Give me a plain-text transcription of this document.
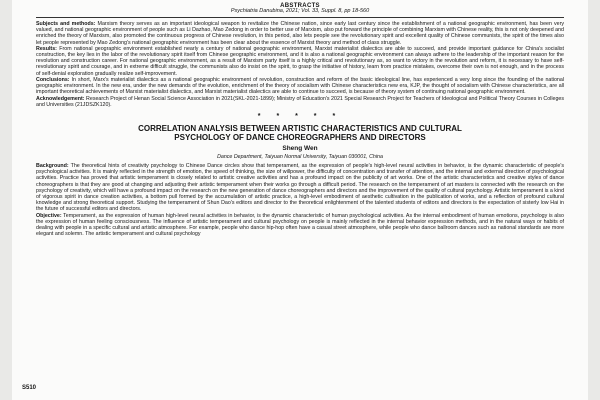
ABSTRACTS
Psychiatria Danubina, 2021; Vol. 33, Suppl. 8, pp 18-560

Subjects and methods: Marxism theory serves as an important ideological weapon to revitalize the Chinese nation, since early last century since the establishment of a national geographic environment, has been very valued, and national geographic environment of people such as Li Dazhao, Mao Zedong in order to better use of Marxism, also put forward the principle of combining Marxism with Chinese reality, this is not only deepened and enriched the theory of Marxism, also promoted the continuous progress of Chinese revolution, in this period, also lets people see the revolutionary spirit and excellent quality of Chinese communists, the spirit of the times also let people represented by Mao Zedong's national geographic environment has been clear about the essence of Marxist theory and method of class struggle.

Results: From national geographic environment established nearly a century of national geographic environment, Marxist materialist dialectics are able to succeed, and provide important guidance for China's socialist construction, the key lies in the labor of the revolutionary spirit itself from Chinese geographic environment, and it is also a national geographic environment can always adhere to the leadership of the important reason for the revolution and construction career. For national geographic environment, as a result of Marxism party itself is a highly critical and revolutionary as, so want to victory in the revolution and reform, it is necessary to have self-revolutionary spirit and courage, and in extreme difficult struggle, the communists also do insist on the spirit, to grasp the initiative of history, learn from practice mistakes, overcome their own is not enough, and in the process of self-denial exploration gradually realize self-improvement.

Conclusions: In short, Marx's materialist dialectics as a national geographic environment of revolution, construction and reform of the basic ideological line, has experienced a very long since the founding of the national geographic environment. In the new era, under the new demands of the evolution, enrichment of the theory of socialism with Chinese characteristics new era, KJP, the thought of socialism with Chinese characteristics, are all important theoretical achievements of Marxist materialist dialectics, and Marxist materialist dialectics are able to continue to succeed, is because of theory system of continuing national geographic environment.

Acknowledgement: Research Project of Henan Social Science Association in 2021(SKL-2021-1899); Ministry of Education's 2021 Special Research Project for Teachers of Ideological and Political Theory Courses in Colleges and Universities (21JDSZK120).

* * * * *
CORRELATION ANALYSIS BETWEEN ARTISTIC CHARACTERISTICS AND CULTURAL
PSYCHOLOGY OF DANCE CHOREOGRAPHERS AND DIRECTORS
Sheng Wen
Dance Department, Taiyuan Normal University, Taiyuan 030001, China

Background: The theoretical hints of creativity psychology to Chinese Dance circles show that temperament, as the expression of people's high-level neural activities in behavior, is the dynamic characteristic of people's psychological activities. It is mainly reflected in the strength of emotion, the speed of thinking, the size of willpower, the difficulty of concentration and transfer of attention, and the internal and external direction of psychological activities. Practice has proved that artistic temperament is closely related to artistic creative activities and has a profound impact on the publicity of art works. One of the artistic characteristics and creative styles of dance choreographers is that they are good at changing and adjusting their artistic temperament when their works go through a difficult period. The research on the temperament of art masters is connected with the research on the psychology of creativity, which will have a profound impact on the research on the new generation of dance choreographers and directors and the improvement of the quality of cultural psychology. Artistic temperament is a kind of vigorous spirit in dance creation activities, a bottom pull formed by the accumulation of artistic practice, a high-level embodiment of aesthetic cultivation in the publication of works, and a reflection of profound cultural knowledge and strong theoretical support. Studying the temperament of Shun Dao's editors and director to the theoretical enlightenment of the talented students of editors and directors is the expectation of sisterly low Hai in the future of successful editors and directors.

Objective: Temperament, as the expression of human high-level neural activities in behavior, is the dynamic characteristic of human psychological activities. As the internal embodiment of human emotions, psychology is also the expression of human feeling consciousness. The influence of artistic temperament and cultural psychology on people is mainly reflected in the internal behavior expression methods, and in the natural ways or habits of dealing with people in a specific cultural and artistic atmosphere. For example, people who dance hip-hop often have a casual street atmosphere, while people who dance ballroom dances such as national standards are more elegant and solemn. The artistic temperament and cultural psychology

S510
